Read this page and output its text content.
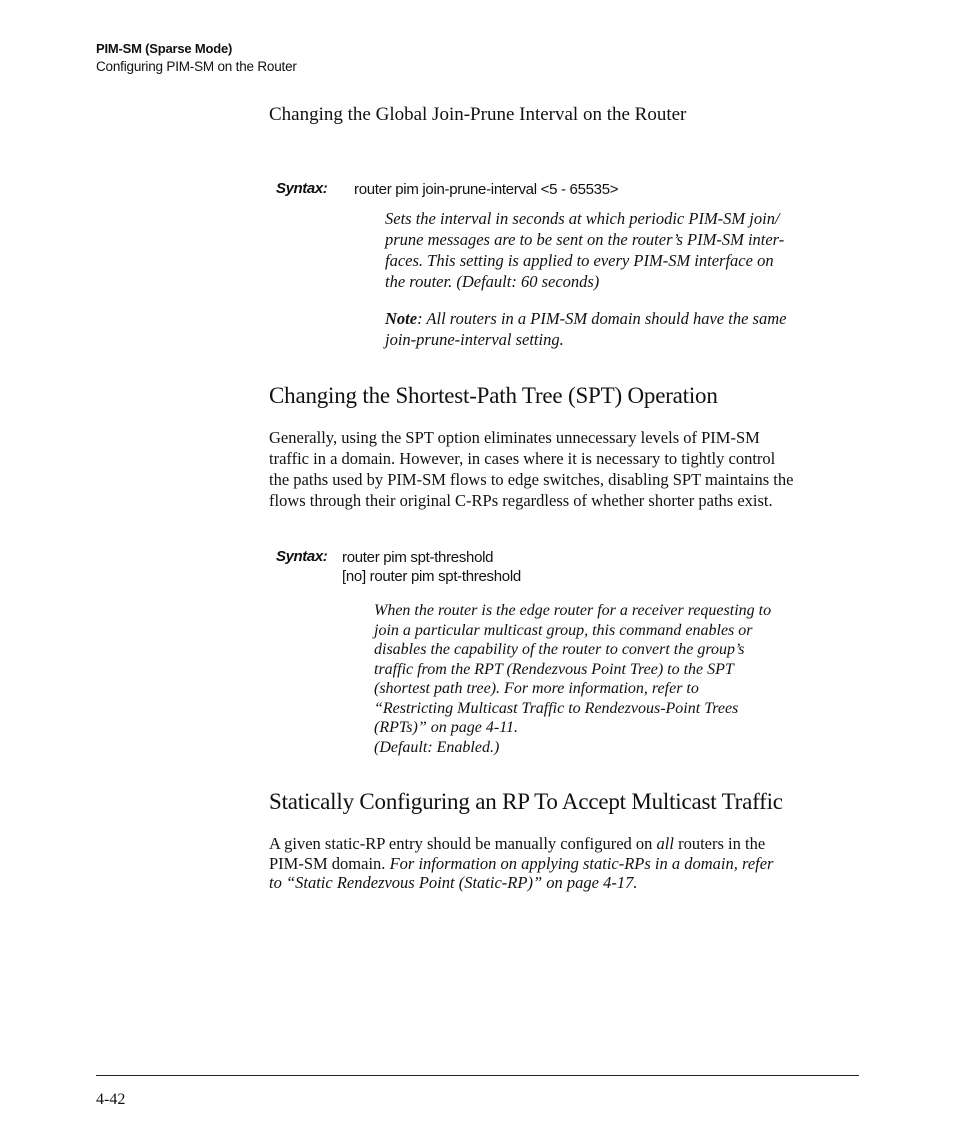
PIM-SM (Sparse Mode)
Configuring PIM-SM on the Router
Changing the Global Join-Prune Interval on the Router
Syntax: router pim join-prune-interval <5 - 65535>

Sets the interval in seconds at which periodic PIM-SM join/

prune messages are to be sent on the router’s PIM-SM inter-

faces. This setting is applied to every PIM-SM interface on

the router. (Default: 60 seconds)

Note: All routers in a PIM-SM domain should have the same

join-prune-interval setting.

Changing the Shortest-Path Tree (SPT) Operation

Generally, using the SPT option eliminates unnecessary levels of PIM-SM

traffic in a domain. However, in cases where it is necessary to tightly control

the paths used by PIM-SM flows to edge switches, disabling SPT maintains the

flows through their original C-RPs regardless of whether shorter paths exist.

Syntax: router pim spt-threshold

[no] router pim spt-threshold

When the router is the edge router for a receiver requesting to

join a particular multicast group, this command enables or

disables the capability of the router to convert the group’s

traffic from the RPT (Rendezvous Point Tree) to the SPT

(shortest path tree). For more information, refer to

“Restricting Multicast Traffic to Rendezvous-Point Trees

(RPTs)” on page 4-11.

(Default: Enabled.)

Statically Configuring an RP To Accept Multicast Traffic

A given static-RP entry should be manually configured on all routers in the

PIM-SM domain. For information on applying static-RPs in a domain, refer

to “Static Rendezvous Point (Static-RP)” on page 4-17.

4-42
